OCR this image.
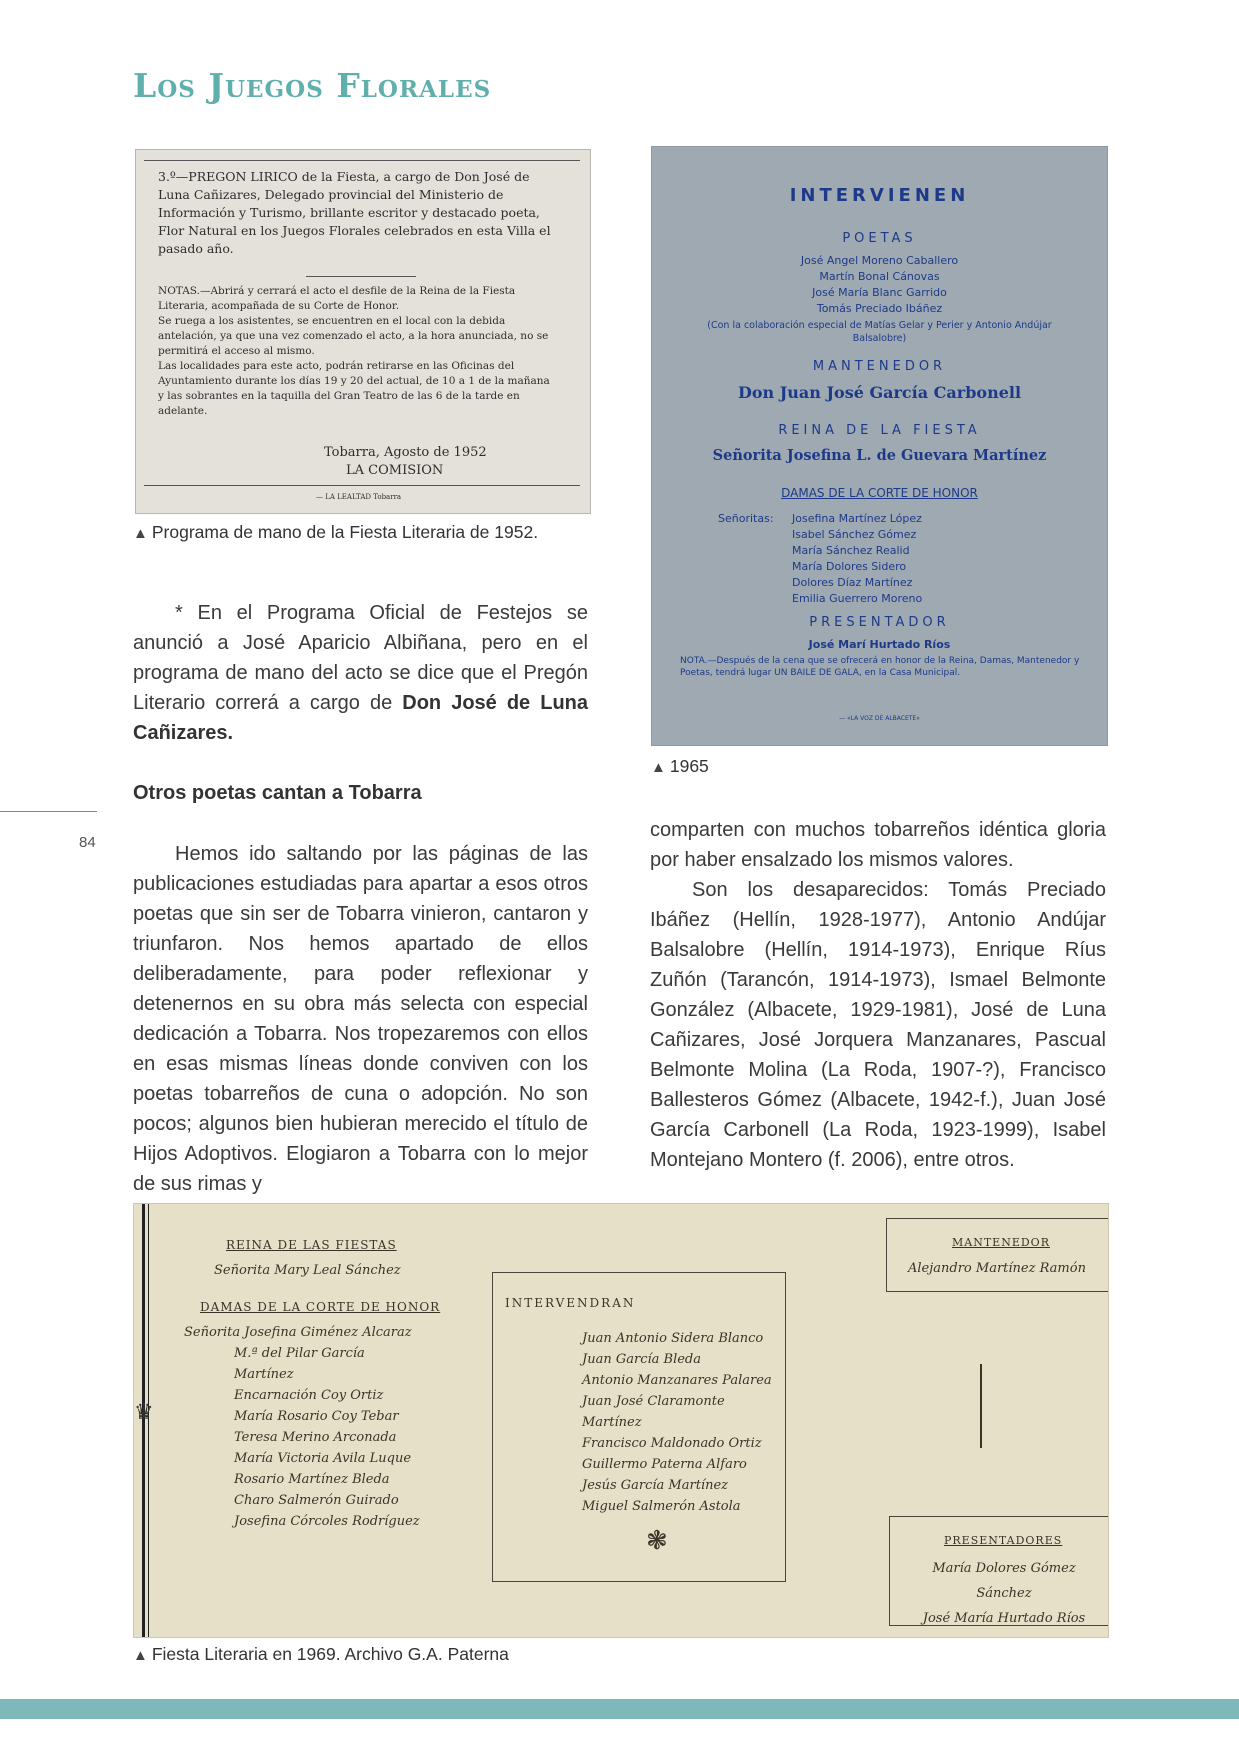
Los Juegos Florales
3.º—PREGON LIRICO de la Fiesta, a cargo de Don José de Luna Cañizares, Delegado provincial del Ministerio de Información y Turismo, brillante escritor y destacado poeta, Flor Natural en los Juegos Florales celebrados en esta Villa el pasado año.
NOTAS.—Abrirá y cerrará el acto el desfile de la Reina de la Fiesta Literaria, acompañada de su Corte de Honor.
Se ruega a los asistentes, se encuentren en el local con la debida antelación, ya que una vez comenzado el acto, a la hora anunciada, no se permitirá el acceso al mismo.
Las localidades para este acto, podrán retirarse en las Oficinas del Ayuntamiento durante los días 19 y 20 del actual, de 10 a 1 de la mañana y las sobrantes en la taquilla del Gran Teatro de las 6 de la tarde en adelante.
Tobarra, Agosto de 1952
LA COMISION
— LA LEALTAD Tobarra
▲ Programa de mano de la Fiesta Literaria de 1952.
INTERVIENEN
POETAS
José Angel Moreno Caballero
Martín Bonal Cánovas
José María Blanc Garrido
Tomás Preciado Ibáñez
(Con la colaboración especial de Matías Gelar y Perier y Antonio Andújar Balsalobre)
MANTENEDOR
Don Juan José García Carbonell
REINA DE LA FIESTA
Señorita Josefina L. de Guevara Martínez
DAMAS DE LA CORTE DE HONOR
Señoritas:	Josefina Martínez López
Isabel Sánchez Gómez
María Sánchez Realid
María Dolores Sidero
Dolores Díaz Martínez
Emilia Guerrero Moreno
PRESENTADOR
José Marí Hurtado Ríos
NOTA.—Después de la cena que se ofrecerá en honor de la Reina, Damas, Mantenedor y Poetas, tendrá lugar UN BAILE DE GALA, en la Casa Municipal.
— «LA VOZ DE ALBACETE»
▲ 1965

* En el Programa Oficial de Festejos se anunció a José Aparicio Albiñana, pero en el programa de mano del acto se dice que el Pregón Literario correrá a cargo de Don José de Luna Cañizares.

Otros poetas cantan a Tobarra
84

Hemos ido saltando por las páginas de las publicaciones estudiadas para apartar a esos otros poetas que sin ser de Tobarra vinieron, cantaron y triunfaron. Nos hemos apartado de ellos deliberadamente, para poder reflexionar y detenernos en su obra más selecta con especial dedicación a Tobarra. Nos tropezaremos con ellos en esas mismas líneas donde conviven con los poetas tobarreños de cuna o adopción. No son pocos; algunos bien hubieran merecido el título de Hijos Adoptivos. Elogiaron a Tobarra con lo mejor de sus rimas y

comparten con muchos tobarreños idéntica gloria por haber ensalzado los mismos valores.

Son los desaparecidos: Tomás Preciado Ibáñez (Hellín, 1928-1977), Antonio Andújar Balsalobre (Hellín, 1914-1973), Enrique Ríus Zuñón (Tarancón, 1914-1973), Ismael Belmonte González (Albacete, 1929-1981), José de Luna Cañizares, José Jorquera Manzanares, Pascual Belmonte Molina (La Roda, 1907-?), Francisco Ballesteros Gómez (Albacete, 1942-f.), Juan José García Carbonell (La Roda, 1923-1999), Isabel Montejano Montero (f. 2006), entre otros.

♛
REINA DE LAS FIESTAS
Señorita Mary Leal Sánchez
DAMAS DE LA CORTE DE HONOR
Señorita Josefina Giménez Alcaraz
M.ª del Pilar García Martínez
Encarnación Coy Ortiz
María Rosario Coy Tebar
Teresa Merino Arconada
María Victoria Avila Luque
Rosario Martínez Bleda
Charo Salmerón Guirado
Josefina Córcoles Rodríguez
INTERVENDRAN
Juan Antonio Sidera Blanco
Juan García Bleda
Antonio Manzanares Palarea
Juan José Claramonte Martínez
Francisco Maldonado Ortiz
Guillermo Paterna Alfaro
Jesús García Martínez
Miguel Salmerón Astola
❃
MANTENEDOR
Alejandro Martínez Ramón
PRESENTADORES
María Dolores Gómez Sánchez
José María Hurtado Ríos
▲ Fiesta Literaria en 1969. Archivo G.A. Paterna
